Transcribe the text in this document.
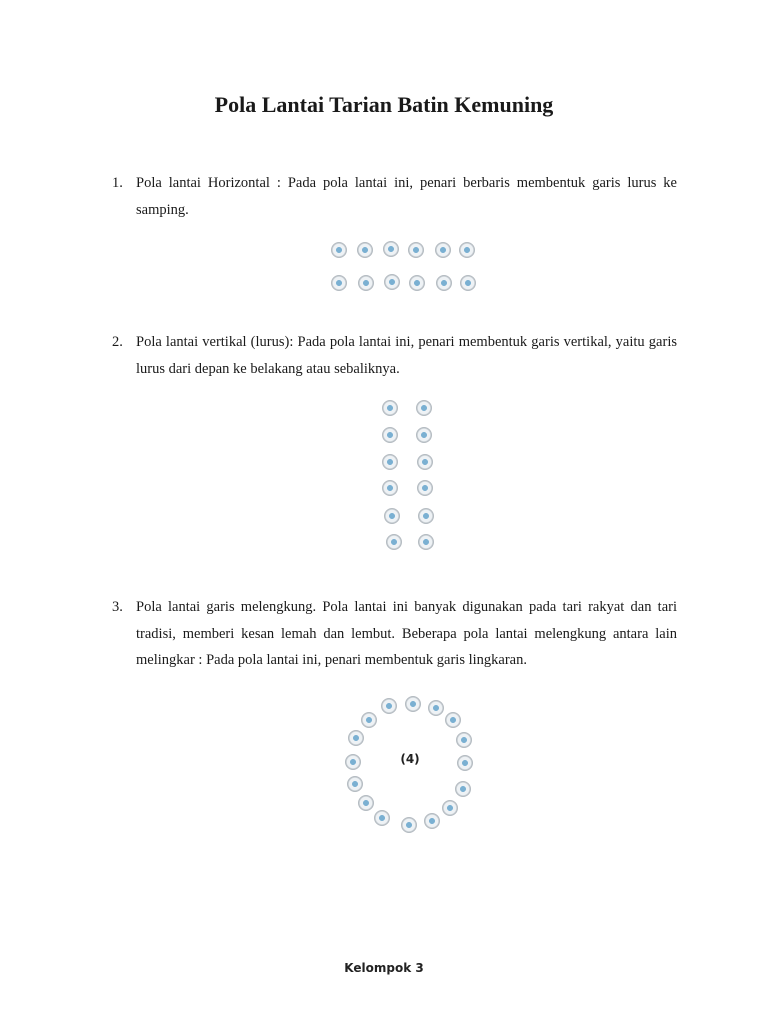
Pola Lantai Tarian Batin Kemuning
1. Pola lantai Horizontal : Pada pola lantai ini, penari berbaris membentuk garis lurus ke samping.

2. Pola lantai vertikal (lurus): Pada pola lantai ini, penari membentuk garis vertikal, yaitu garis lurus dari depan ke belakang atau sebaliknya.

3. Pola lantai garis melengkung. Pola lantai ini banyak digunakan pada tari rakyat dan tari tradisi, memberi kesan lemah dan lembut. Beberapa pola lantai melengkung antara lain melingkar : Pada pola lantai ini, penari membentuk garis lingkaran.

(4)
Kelompok 3
